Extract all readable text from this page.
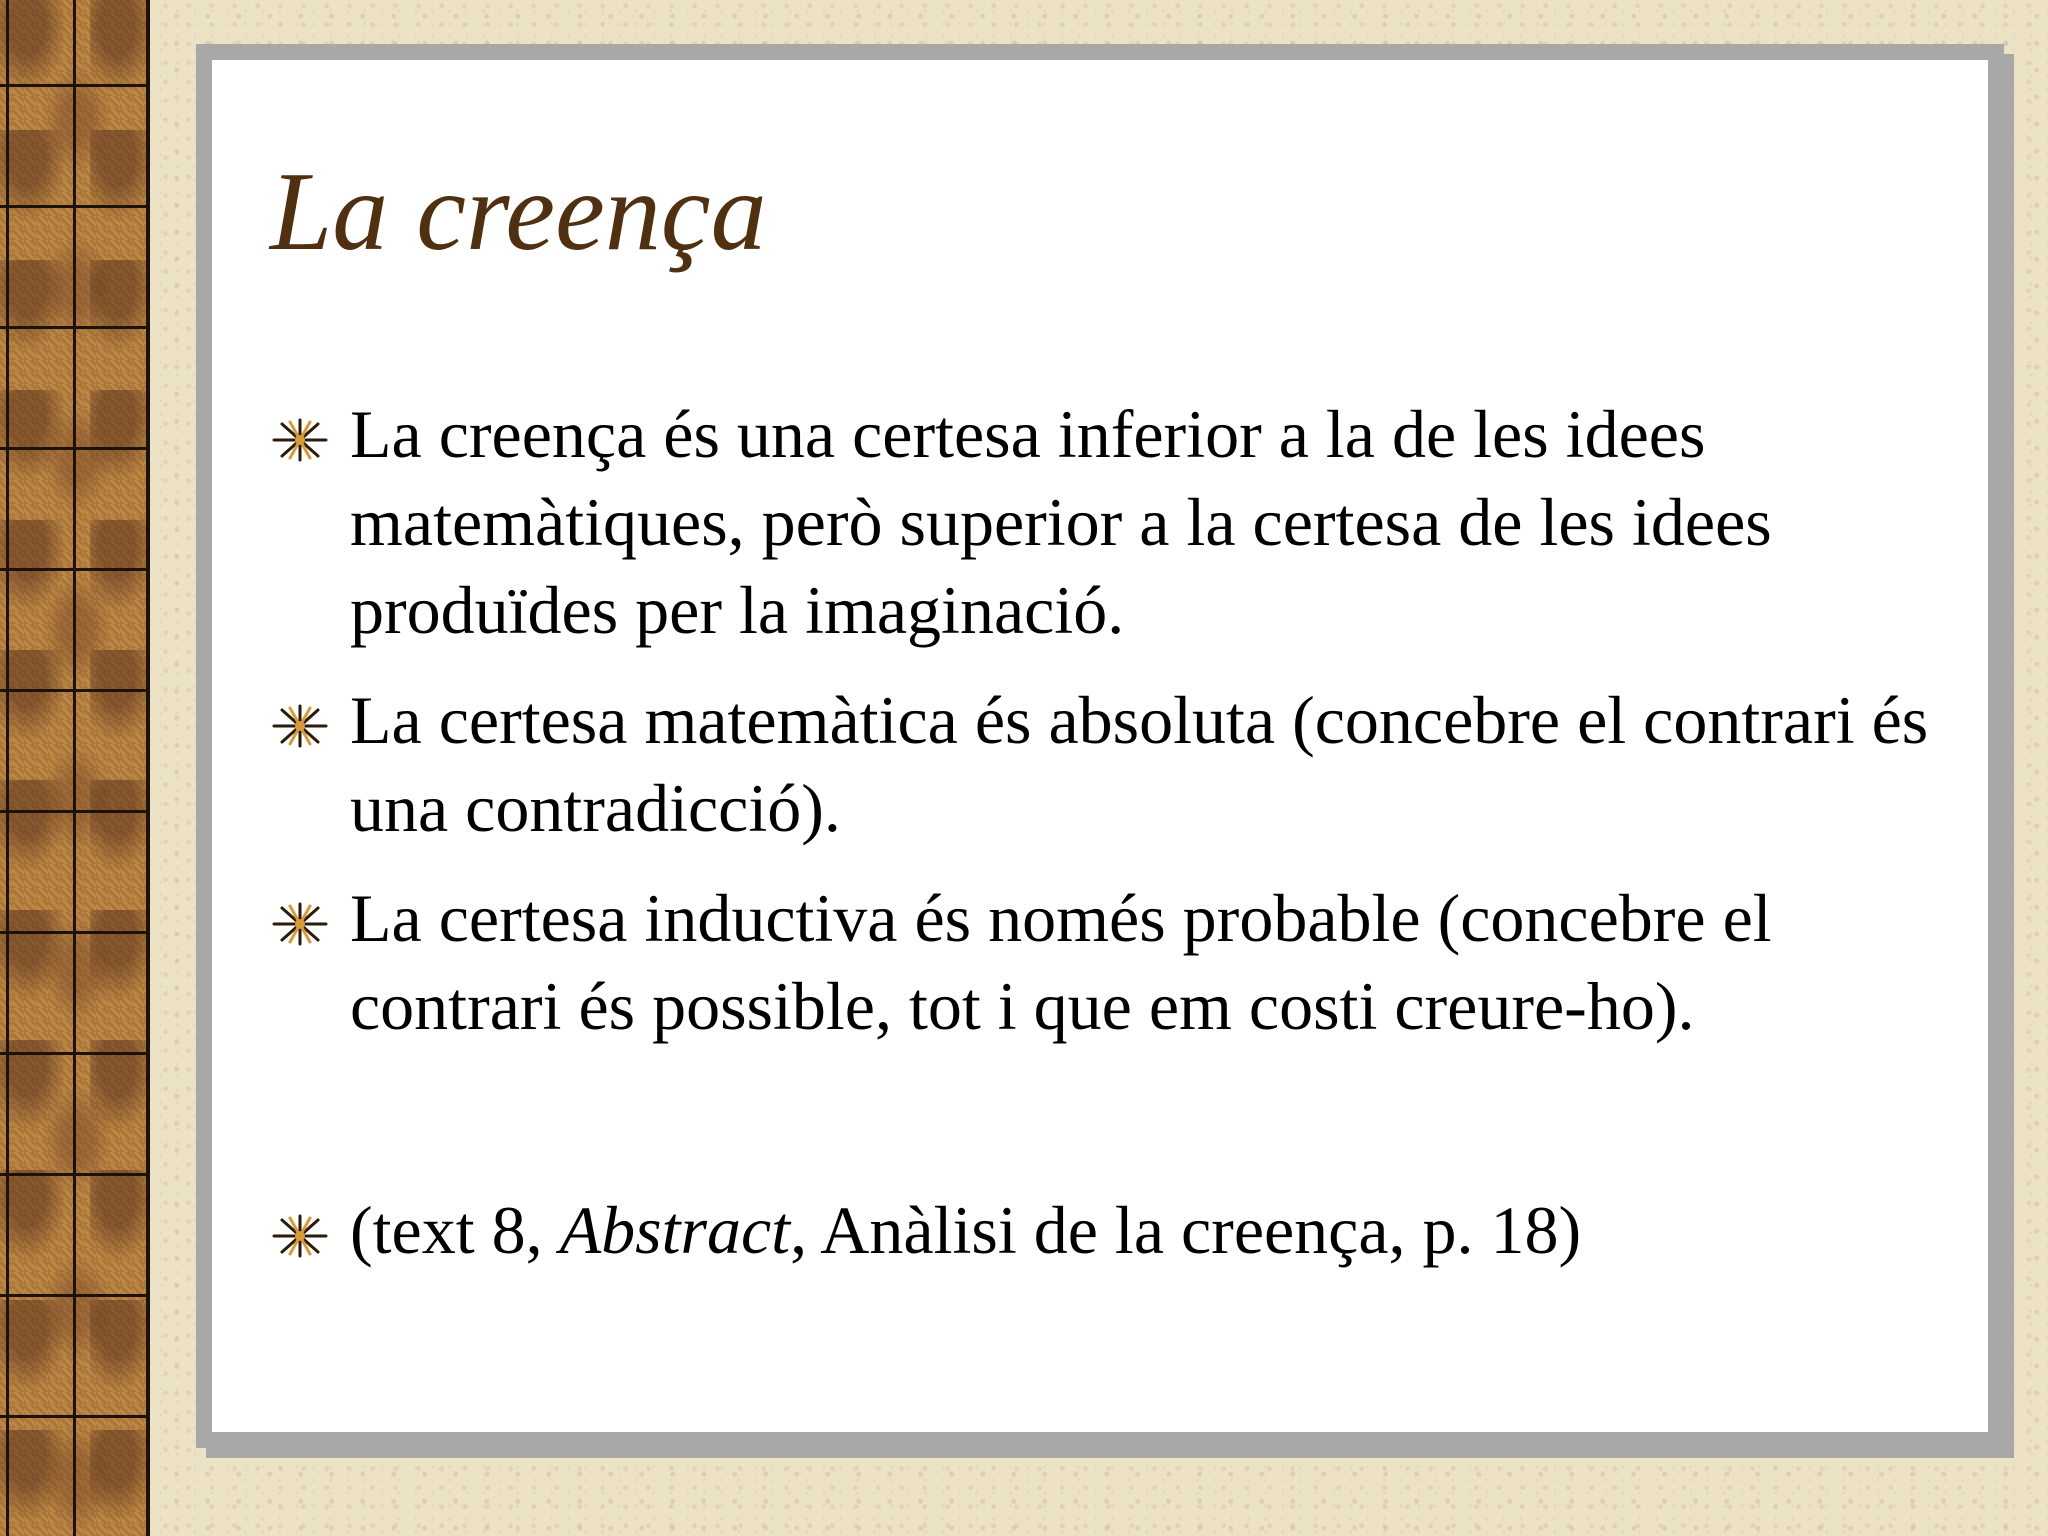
La creença
La creença és una certesa inferior a la de les idees matemàtiques, però superior a la certesa de les idees produïdes per la imaginació.
La certesa matemàtica és absoluta (concebre el contrari és una contradicció).
La certesa inductiva és només probable (concebre el contrari és possible, tot i que em costi creure-ho).
(text 8, Abstract, Anàlisi de la creença, p. 18)
